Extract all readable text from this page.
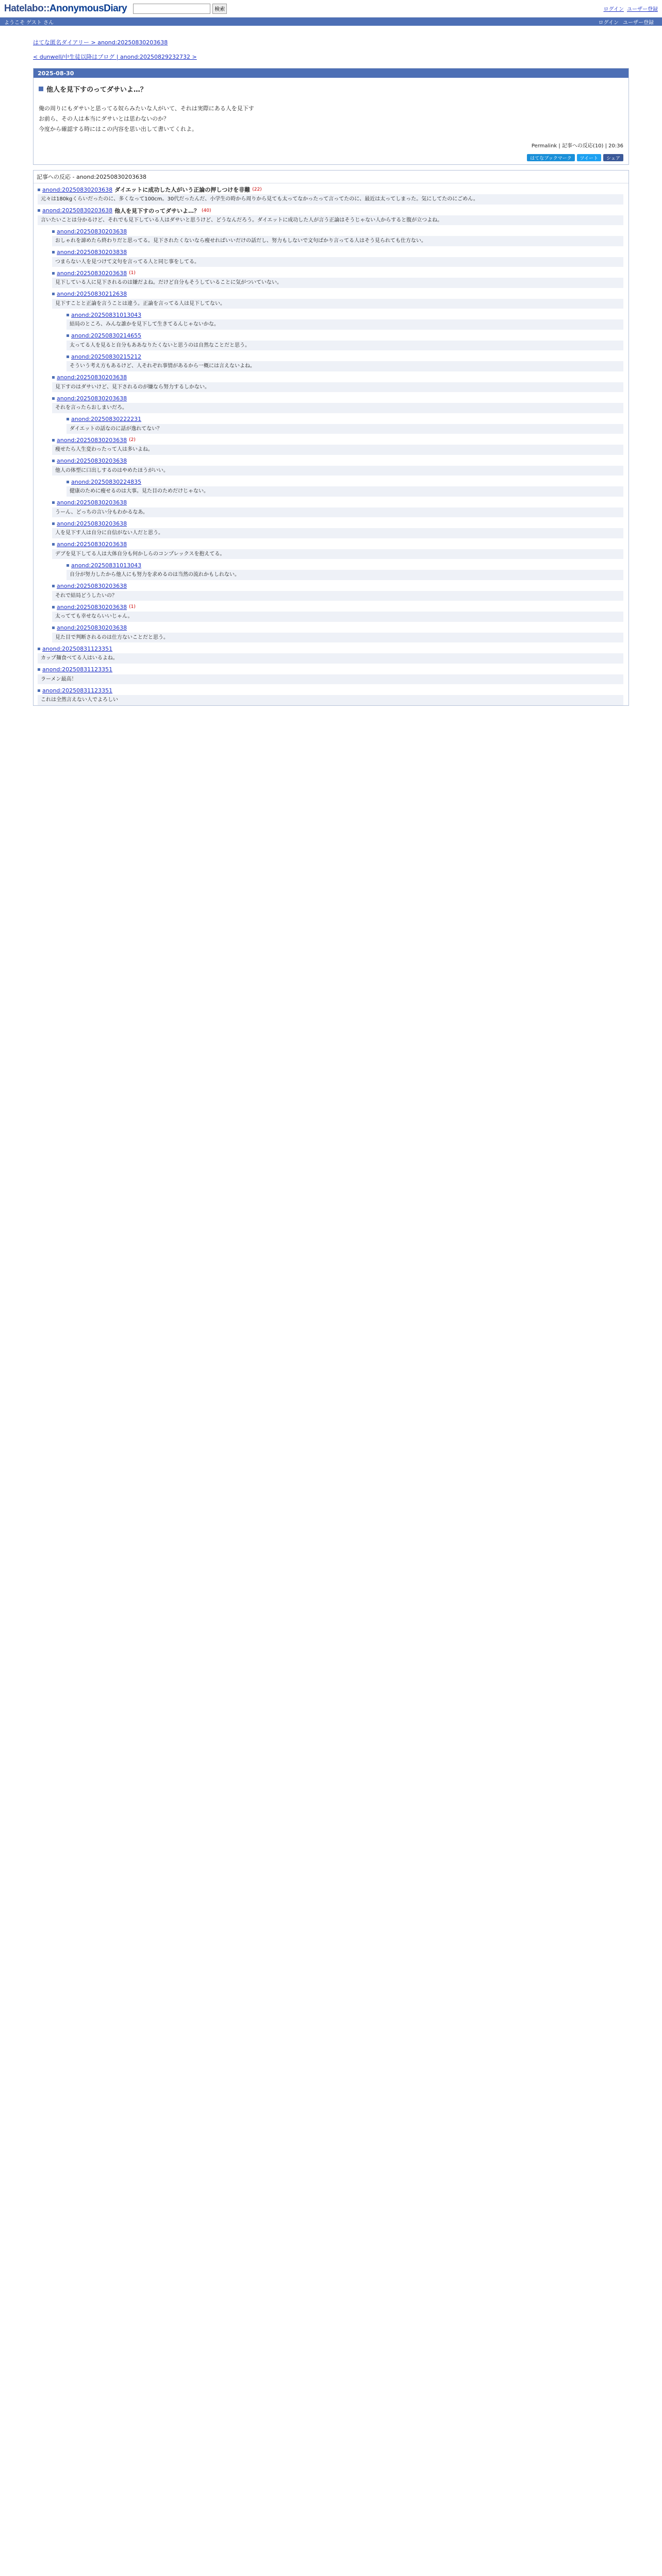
Hatelabo::AnonymousDiary	検索	ログイン ユーザー登録
ようこそ ゲスト さん	ログイン ユーザー登録
はてな匿名ダイアリー > anond:20250830203638
< dunwell/中生徒以降はプログ | anond:20250829232732 >
2025-08-30
他人を見下すのってダサいよ…？

俺の周りにもダサいと思ってる奴らみたいな人がいて、それは実際にある人を見下す

お前ら、その人は本当にダサいとは思わないのか？

今度から確認する時にはこの内容を思い出して書いてくれよ。

Permalink | 記事への反応(10) | 20:36
はてなブックマーク	ツイート	シェア
記事への反応 - anond:20250830203638
anond:20250830203638 ダイエットに成功した人がいう正論の押しつけを非難 (22)
元々は180kgくらいだったのに、多くなって100cm。30代だったんだ、小学生の時から周りから見ても太ってなかったって言ってたのに、最近は太ってしまった。気にしてたのにごめん。
anond:20250830203638 他人を見下すのってダサいよ…？ (40)
言いたいことは分かるけど、それでも見下している人はダサいと思うけど、どうなんだろう。ダイエットに成功した人が言う正論はそうじゃない人からすると腹が立つよね。
anond:20250830203638
おしゃれを諦めたら終わりだと思ってる。見下されたくないなら痩せればいいだけの話だし、努力もしないで文句ばかり言ってる人はそう見られても仕方ない。
anond:20250830203838
つまらない人を見つけて文句を言ってる人と同じ事をしてる。
anond:20250830203638 (1)
見下している人に見下されるのは嫌だよね。だけど自分もそうしていることに気がついていない。
anond:20250830212638
見下すことと正論を言うことは違う。正論を言ってる人は見下してない。
anond:20250831013043
結局のところ、みんな誰かを見下して生きてるんじゃないかな。
anond:20250830214655
太ってる人を見ると自分もああなりたくないと思うのは自然なことだと思う。
anond:20250830215212
そういう考え方もあるけど、人それぞれ事情があるから一概には言えないよね。
anond:20250830203638
見下すのはダサいけど、見下されるのが嫌なら努力するしかない。
anond:20250830203638
それを言ったらおしまいだろ。
anond:20250830222231
ダイエットの話なのに話が逸れてない？
anond:20250830203638 (2)
痩せたら人生変わったって人は多いよね。
anond:20250830203638
他人の体型に口出しするのはやめたほうがいい。
anond:20250830224835
健康のために痩せるのは大事。見た目のためだけじゃない。
anond:20250830203638
うーん、どっちの言い分もわかるなあ。
anond:20250830203638
人を見下す人は自分に自信がない人だと思う。
anond:20250830203638
デブを見下してる人は大体自分も何かしらのコンプレックスを抱えてる。
anond:20250831013043
自分が努力したから他人にも努力を求めるのは当然の流れかもしれない。
anond:20250830203638
それで結局どうしたいの？
anond:20250830203638 (1)
太ってても幸せならいいじゃん。
anond:20250830203638
見た目で判断されるのは仕方ないことだと思う。
anond:20250831123351
カップ麺食べてる人はいるよね。
anond:20250831123351
ラーメン最高！
anond:20250831123351
これは全然言えない人でよろしい
